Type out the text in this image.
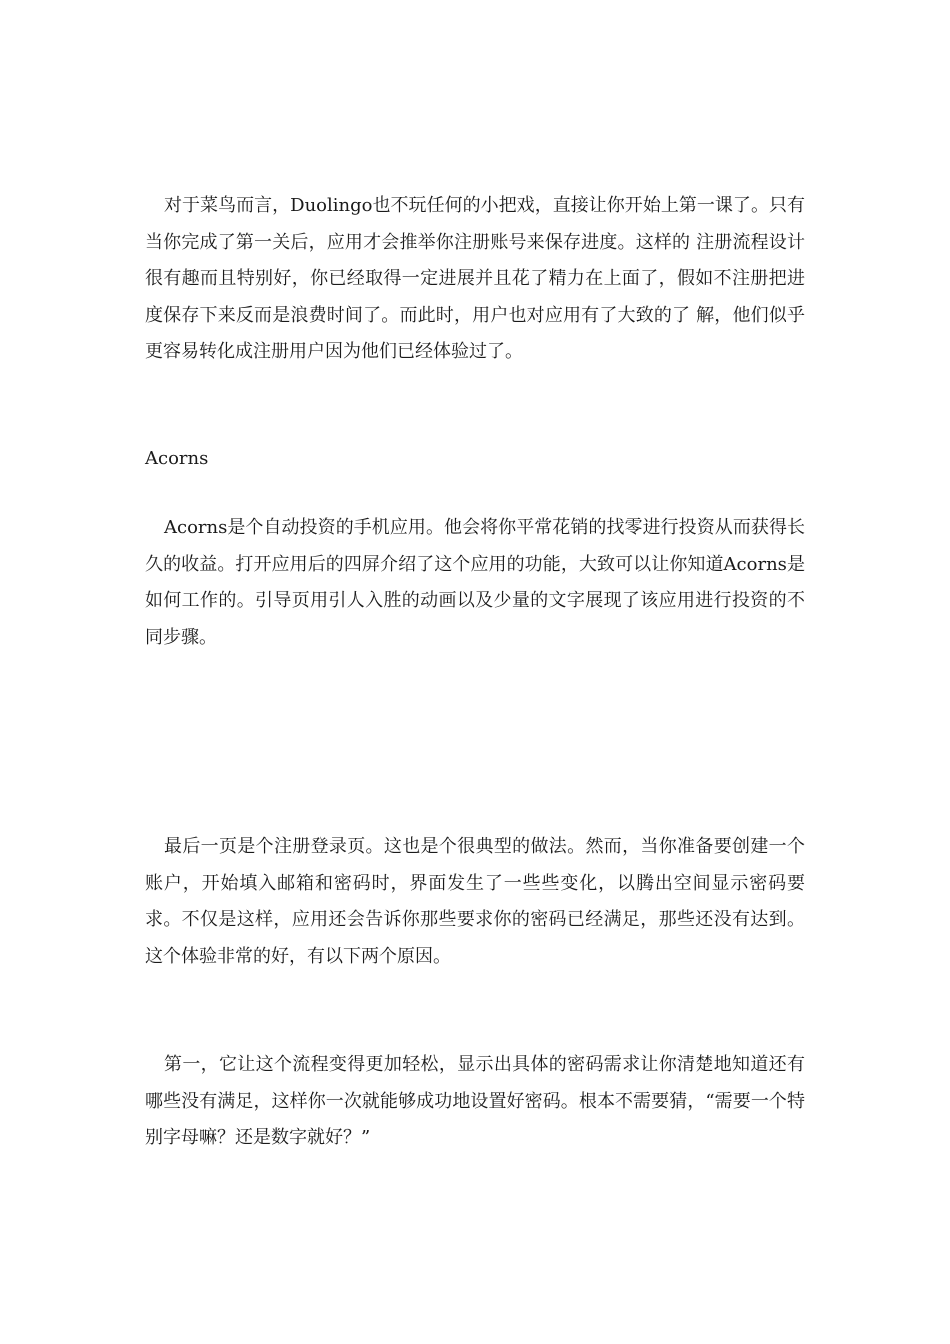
对于菜鸟而言，Duolingo也不玩任何的小把戏，直接让你开始上第一课了。只有当你完成了第一关后，应用才会推举你注册账号来保存进度。这样的 注册流程设计很有趣而且特别好，你已经取得一定进展并且花了精力在上面了，假如不注册把进度保存下来反而是浪费时间了。而此时，用户也对应用有了大致的了 解，他们似乎更容易转化成注册用户因为他们已经体验过了。

Acorns

Acorns是个自动投资的手机应用。他会将你平常花销的找零进行投资从而获得长久的收益。打开应用后的四屏介绍了这个应用的功能，大致可以让你知道Acorns是如何工作的。引导页用引人入胜的动画以及少量的文字展现了该应用进行投资的不同步骤。

最后一页是个注册登录页。这也是个很典型的做法。然而，当你准备要创建一个账户，开始填入邮箱和密码时，界面发生了一些些变化，以腾出空间显示密码要求。不仅是这样，应用还会告诉你那些要求你的密码已经满足，那些还没有达到。这个体验非常的好，有以下两个原因。

第一，它让这个流程变得更加轻松，显示出具体的密码需求让你清楚地知道还有哪些没有满足，这样你一次就能够成功地设置好密码。根本不需要猜，“需要一个特别字母嘛？还是数字就好？”
